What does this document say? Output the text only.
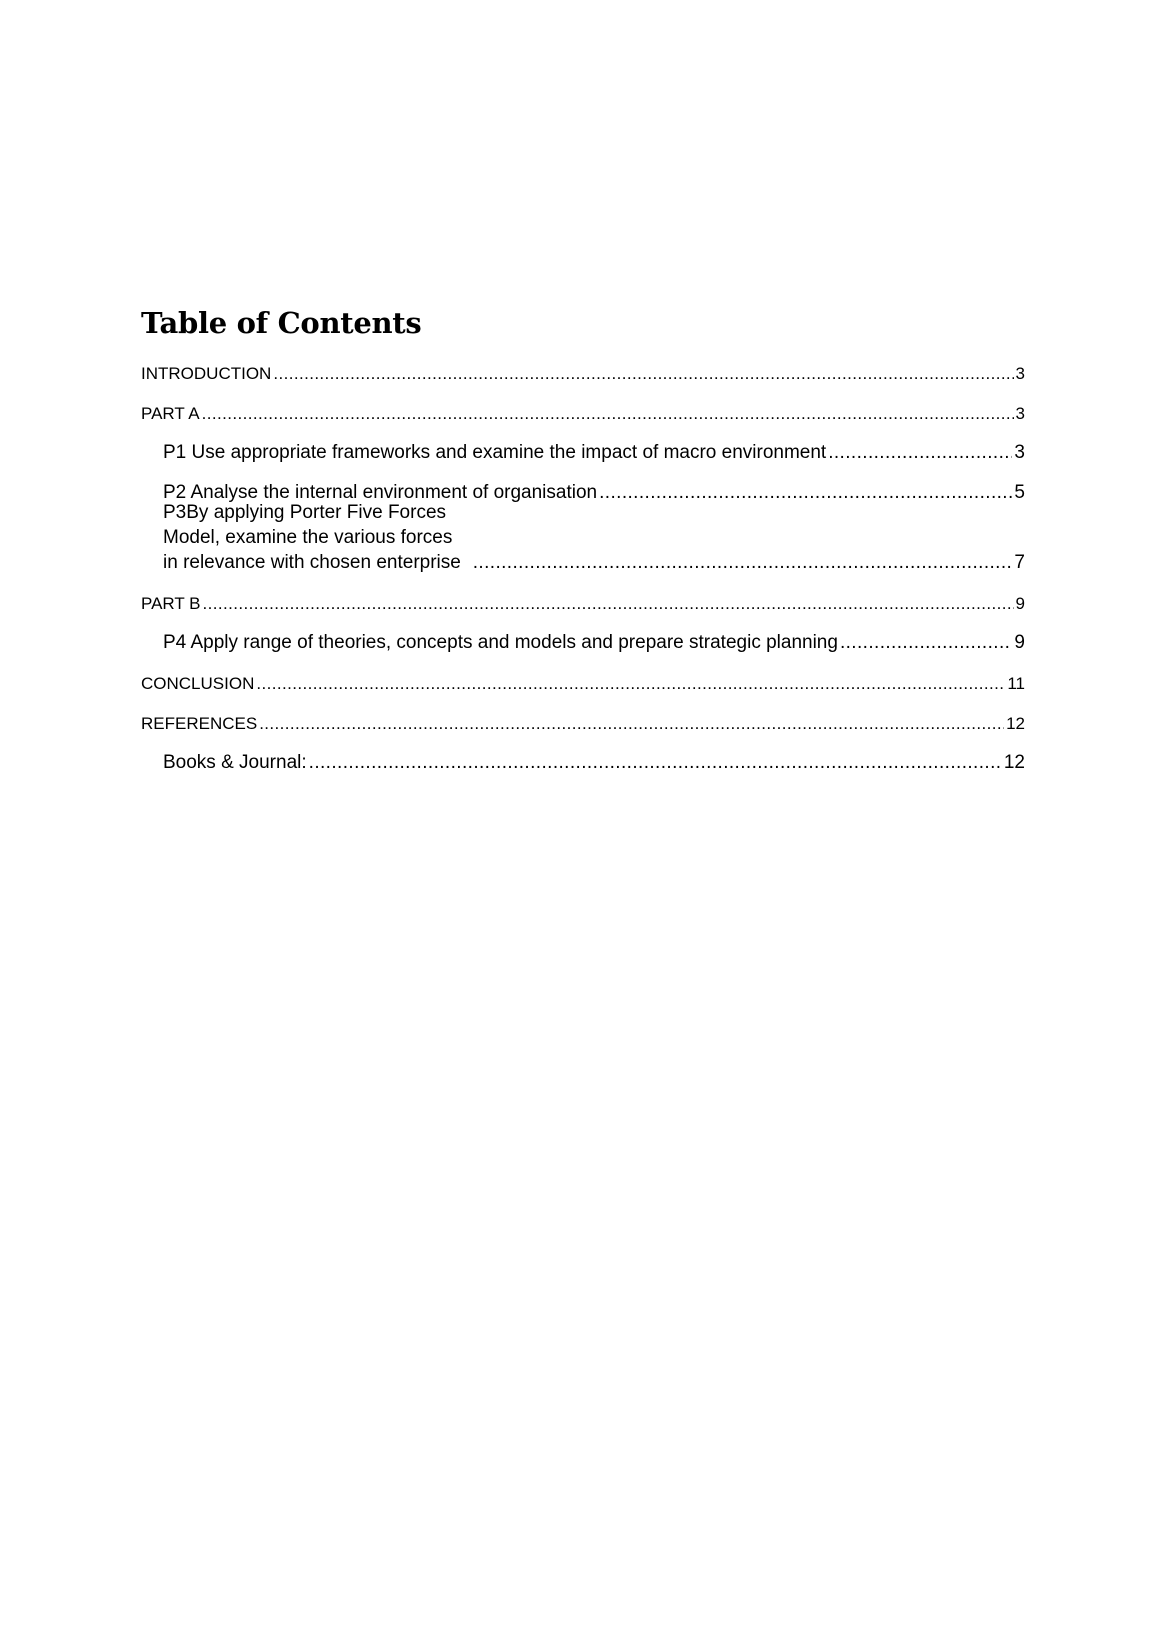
Table of Contents
INTRODUCTION .....	3
PART A .....	3
P1 Use appropriate frameworks and examine the impact of macro environment .....	3
P2 Analyse the internal environment of organisation .....	5
P3By applying Porter Five Forces Model, examine the various forces in relevance with chosen enterprise .....	7
PART B .....	9
P4 Apply range of theories, concepts and models and prepare strategic planning .....	9
CONCLUSION .....	11
REFERENCES .....	12
Books & Journal: .....	12
